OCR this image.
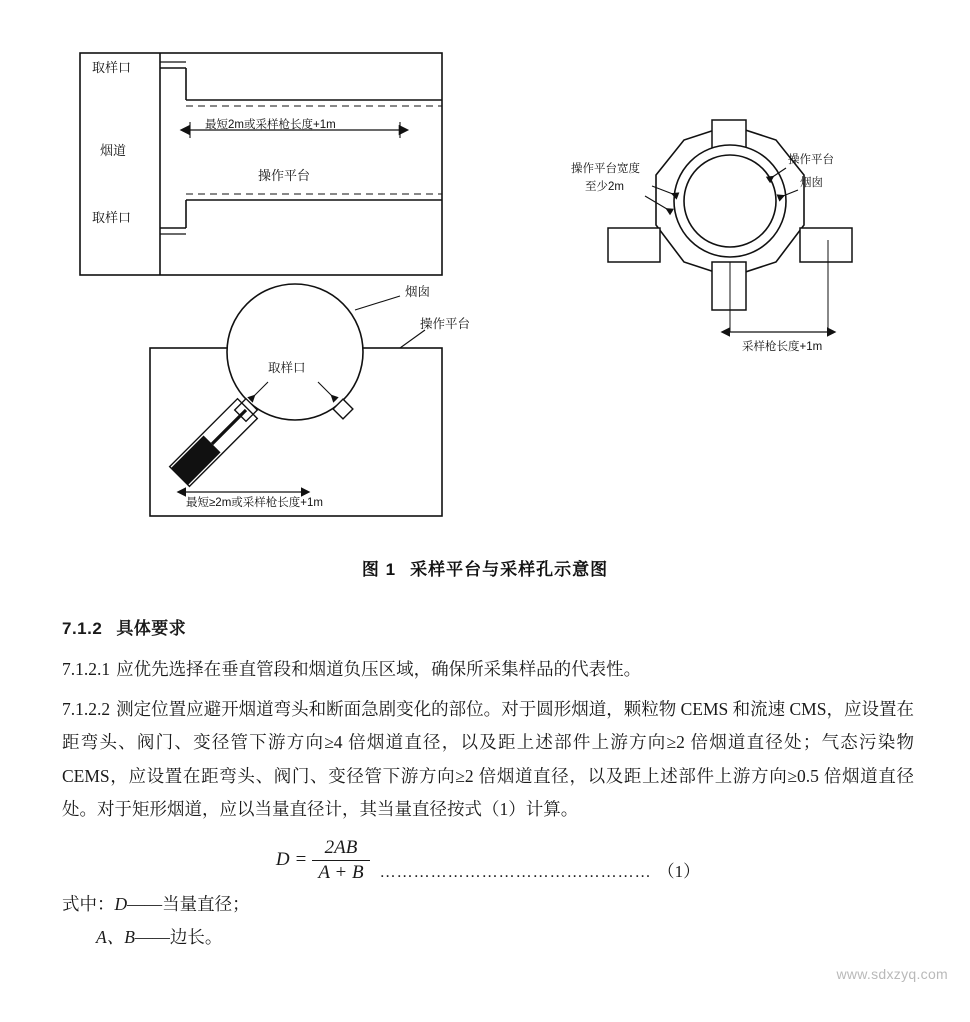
最短2m或采样枪长度+1m
操作平台
取样口
烟道
取样口
取样口
最短≥2m或采样枪长度+1m
烟囱
操作平台
操作平台宽度
至少2m
操作平台
烟囱
采样枪长度+1m
图 1 采样平台与采样孔示意图
7.1.2 具体要求

7.1.2.1 应优先选择在垂直管段和烟道负压区域，确保所采集样品的代表性。

7.1.2.2 测定位置应避开烟道弯头和断面急剧变化的部位。对于圆形烟道，颗粒物 CEMS 和流速 CMS，应设置在距弯头、阀门、变径管下游方向≥4 倍烟道直径，以及距上述部件上游方向≥2 倍烟道直径处；气态污染物 CEMS，应设置在距弯头、阀门、变径管下游方向≥2 倍烟道直径，以及距上述部件上游方向≥0.5 倍烟道直径处。对于矩形烟道，应以当量直径计，其当量直径按式（1）计算。

$D = \frac{2AB}{A + B}$ ………………………………………… （1）

式中：D——当量直径；

A、B——边长。

www.sdxzyq.com
